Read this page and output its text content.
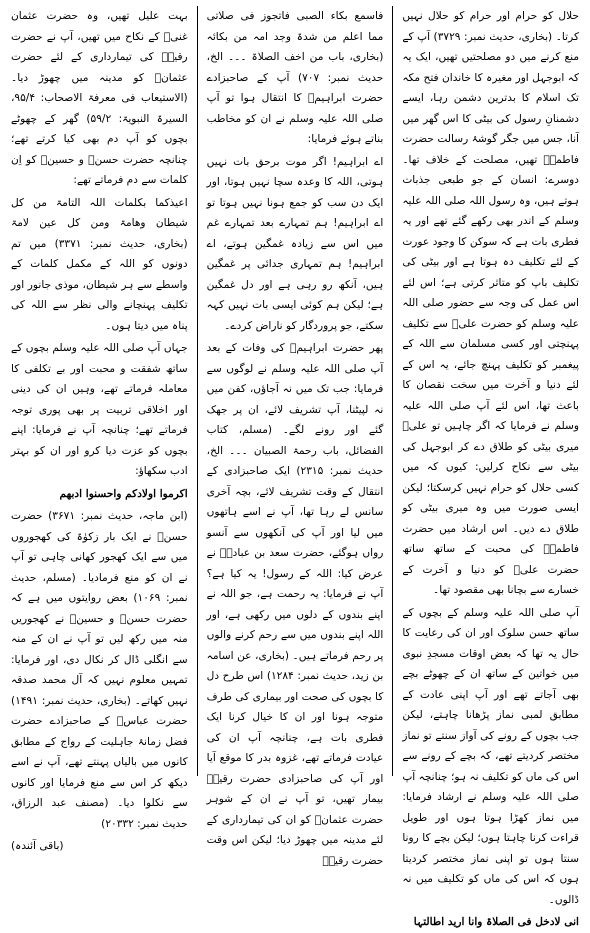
حلال کو حرام اور حرام کو حلال نہیں کرتا۔ (بخاری، حدیث نمبر: ۳۷۲۹) آپ کے منع کرنے میں دو مصلحتیں تھیں، ایک یہ کہ ابوجہل اور مغیرہ کا خاندان فتح مکہ تک اسلام کا بدترین دشمن رہا، ایسے دشمنانِ رسول کی بیٹی کا اس گھر میں آنا، جس میں جگر گوشۂ رسالت حضرت فاطمہؓ تھیں، مصلحت کے خلاف تھا۔ دوسرے: انسان کے جو طبعی جذبات ہوتے ہیں، وہ رسول اللہ صلی اللہ علیہ وسلم کے اندر بھی رکھے گئے تھے اور یہ فطری بات ہے کہ سوکن کا وجود عورت کے لئے تکلیف دہ ہوتا ہے اور بیٹی کی تکلیف باپ کو متاثر کرتی ہے؛ اس لئے اس عمل کی وجہ سے حضور صلی اللہ علیہ وسلم کو حضرت علیؓ سے تکلیف پہنچتی اور کسی مسلمان سے اللہ کے پیغمبر کو تکلیف پہنچ جائے، یہ اس کے لئے دنیا و آخرت میں سخت نقصان کا باعث تھا، اس لئے آپ صلی اللہ علیہ وسلم نے فرمایا کہ اگر چاہیں تو علیؓ میری بیٹی کو طلاق دے کر ابوجہل کی بیٹی سے نکاح کرلیں: کیوں کہ میں کسی حلال کو حرام نہیں کرسکتا؛ لیکن ایسی صورت میں وہ میری بیٹی کو طلاق دے دیں۔ اس ارشاد میں حضرت فاطمہؓ کی محبت کے ساتھ ساتھ حضرت علیؓ کو دنیا و آخرت کے خسارے سے بچانا بھی مقصود تھا۔

آپ صلی اللہ علیہ وسلم کے بچوں کے ساتھ حسن سلوک اور ان کی رعایت کا حال یہ تھا کہ بعض اوقات مسجدِ نبوی میں خواتین کے ساتھ ان کے چھوٹے بچے بھی آجاتے تھے اور آپ اپنی عادت کے مطابق لمبی نماز پڑھانا چاہتے، لیکن جب بچوں کے رونے کی آواز سنتے تو نماز مختصر کردیتے تھے، کہ بچے کے رونے سے اس کی ماں کو تکلیف نہ ہو؛ چنانچہ آپ صلی اللہ علیہ وسلم نے ارشاد فرمایا: میں نماز کھڑا ہوتا ہوں اور طویل قراءت کرنا چاہتا ہوں؛ لیکن بچے کا رونا سنتا ہوں تو اپنی نماز مختصر کردیتا ہوں کہ اس کی ماں کو تکلیف میں نہ ڈالوں۔

انی لادخل فی الصلاۃ وانا ارید اطالتہا

فاسمع بکاء الصبی فاتجوز فی صلاتی مما اعلم من شدۃ وجد امہ من بکائہ (بخاری، باب من اخف الصلاۃ ۔۔۔ الخ، حدیث نمبر: ۷۰۷) آپ کے صاحبزادے حضرت ابراہیمؓ کا انتقال ہوا تو آپ صلی اللہ علیہ وسلم نے ان کو مخاطب بناتے ہوئے فرمایا:

اے ابراہیم! اگر موت برحق بات نہیں ہوتی، اللہ کا وعدہ سچا نہیں ہوتا، اور ایک دن سب کو جمع ہونا نہیں ہوتا تو اے ابراہیم! ہم تمہارے بعد تمہارے غم میں اس سے زیادہ غمگین ہوتے، اے ابراہیم! ہم تمہاری جدائی پر غمگین ہیں، آنکھ رو رہی ہے اور دل غمگین ہے؛ لیکن ہم کوئی ایسی بات نہیں کہہ سکتے، جو پروردگار کو ناراض کردے۔

پھر حضرت ابراہیمؓ کی وفات کے بعد آپ صلی اللہ علیہ وسلم نے لوگوں سے فرمایا: جب تک میں نہ آجاؤں، کفن میں نہ لپیٹنا، آپ تشریف لائے، ان پر جھک گئے اور رونے لگے۔ (مسلم، کتاب الفضائل، باب رحمۃ الصبیان ۔۔۔ الخ، حدیث نمبر: ۲۳۱۵) ایک صاحبزادی کے انتقال کے وقت تشریف لائے، بچہ آخری سانس لے رہا تھا، آپ نے اسے ہاتھوں میں لیا اور آپ کی آنکھوں سے آنسو رواں ہوگئے، حضرت سعد بن عبادہؓ نے عرض کیا: اللہ کے رسول! یہ کیا ہے؟ آپ نے فرمایا: یہ رحمت ہے، جو اللہ نے اپنے بندوں کے دلوں میں رکھی ہے، اور اللہ اپنے بندوں میں سے رحم کرنے والوں پر رحم فرماتے ہیں۔ (بخاری، عن اسامہ بن زید، حدیث نمبر: ۱۲۸۴) اس طرح دل کا بچوں کی صحت اور بیماری کی طرف متوجہ ہونا اور ان کا خیال کرنا ایک فطری بات ہے، چنانچہ آپ ان کی عیادت فرماتے تھے، غزوہ بدر کا موقع آیا اور آپ کی صاحبزادی حضرت رقیہؓ بیمار تھیں، تو آپ نے ان کے شوہر حضرت عثمانؓ کو ان کی تیمارداری کے لئے مدینہ میں چھوڑ دیا؛ لیکن اس وقت حضرت رقیہؓ

بہت علیل تھیں، وہ حضرت عثمان غنیؓ کے نکاح میں تھیں، آپ نے حضرت رقیہؓ کی تیمارداری کے لئے حضرت عثمانؓ کو مدینہ میں چھوڑ دیا۔ (الاستیعاب فی معرفۃ الاصحاب: ۹۵/۴، السیرۃ النبویۃ: ۵۹/۲) گھر کے چھوٹے بچوں کو آپ دم بھی کیا کرتے تھے؛ چنانچہ حضرت حسنؓ و حسینؓ کو اِن کلمات سے دم فرماتے تھے:

اعیذکما بکلمات اللہ التامۃ من کل شیطان وھامۃ ومن کل عین لامۃ (بخاری، حدیث نمبر: ۳۳۷۱) میں تم دونوں کو اللہ کے مکمل کلمات کے واسطے سے ہر شیطان، موذی جانور اور تکلیف پہنچانے والی نظر سے اللہ کی پناہ میں دیتا ہوں۔

جہاں آپ صلی اللہ علیہ وسلم بچوں کے ساتھ شفقت و محبت اور بے تکلفی کا معاملہ فرماتے تھے، وہیں ان کی دینی اور اخلاقی تربیت پر بھی پوری توجہ فرماتے تھے؛ چنانچہ آپ نے فرمایا: اپنے بچوں کو عزت دیا کرو اور ان کو بہتر ادب سکھاؤ:

اکرموا اولادکم واحسنوا ادبھم

(ابن ماجہ، حدیث نمبر: ۳۶۷۱) حضرت حسنؓ نے ایک بار زکوٰۃ کی کھجوروں میں سے ایک کھجور کھانی چاہی تو آپ نے ان کو منع فرمادیا۔ (مسلم، حدیث نمبر: ۱۰۶۹) بعض روایتوں میں ہے کہ حضرت حسنؓ و حسینؓ نے کھجوریں منہ میں رکھ لیں تو آپ نے ان کے منہ سے انگلی ڈال کر نکال دی، اور فرمایا: تمہیں معلوم نہیں کہ آل محمد صدقہ نہیں کھاتے۔ (بخاری، حدیث نمبر: ۱۴۹۱) حضرت عباسؓ کے صاحبزادے حضرت فضل زمانۂ جاہلیت کے رواج کے مطابق کانوں میں بالیاں پہنتے تھے، آپ نے اسے دیکھ کر اس سے منع فرمایا اور کانوں سے نکلوا دیا۔ (مصنف عبد الرزاق، حدیث نمبر: ۲۰۳۳۲)

(باقی آئندہ)
